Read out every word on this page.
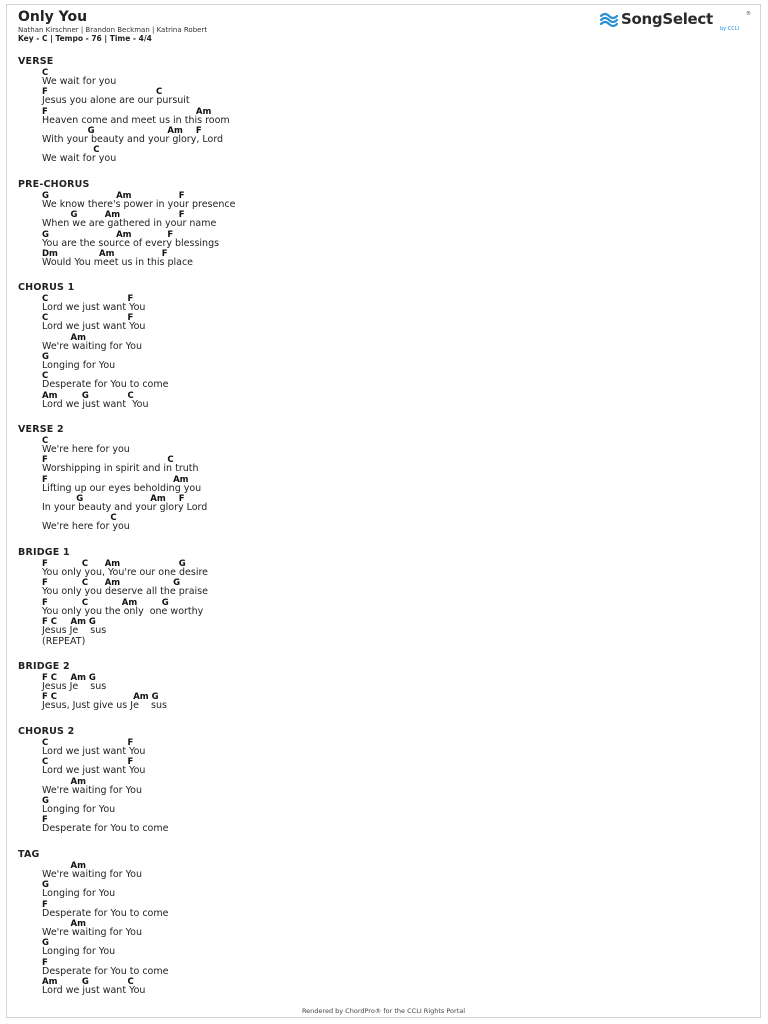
Only You
Nathan Kirschner | Brandon Beckman | Katrina Robert
Key - C | Tempo - 76 | Time - 4/4
SongSelect	®
by CCLI
VERSE
C
We wait for you
F	C
Jesus you alone are our pursuit
F	Am
Heaven come and meet us in this room
G	Am F
With your beauty and your glory, Lord
C
We wait for you
PRE-CHORUS
G	Am	F
We know there's power in your presence
G	Am	F
When we are gathered in your name
G	Am	F
You are the source of every blessings
Dm	Am	F
Would You meet us in this place
CHORUS 1
C	F
Lord we just want You
C	F
Lord we just want You
Am
We're waiting for You
G
Longing for You
C
Desperate for You to come
Am	G	C
Lord we just want  You
VERSE 2
C
We're here for you
F	C
Worshipping in spirit and in truth
F	Am
Lifting up our eyes beholding you
G	Am F
In your beauty and your glory Lord
C
We're here for you
BRIDGE 1
F	C Am	G
You only you, You're our one desire
F	C Am	G
You only you deserve all the praise
F	C	Am	G
You only you the only  one worthy
F C Am G
Jesus Je    sus
(REPEAT)
BRIDGE 2
F C Am G
Jesus Je    sus
F C	Am G
Jesus, Just give us Je    sus
CHORUS 2
C	F
Lord we just want You
C	F
Lord we just want You
Am
We're waiting for You
G
Longing for You
F
Desperate for You to come
TAG
Am
We're waiting for You
G
Longing for You
F
Desperate for You to come
Am
We're waiting for You
G
Longing for You
F
Desperate for You to come
Am	G	C
Lord we just want You
Rendered by ChordPro® for the CCLI Rights Portal
